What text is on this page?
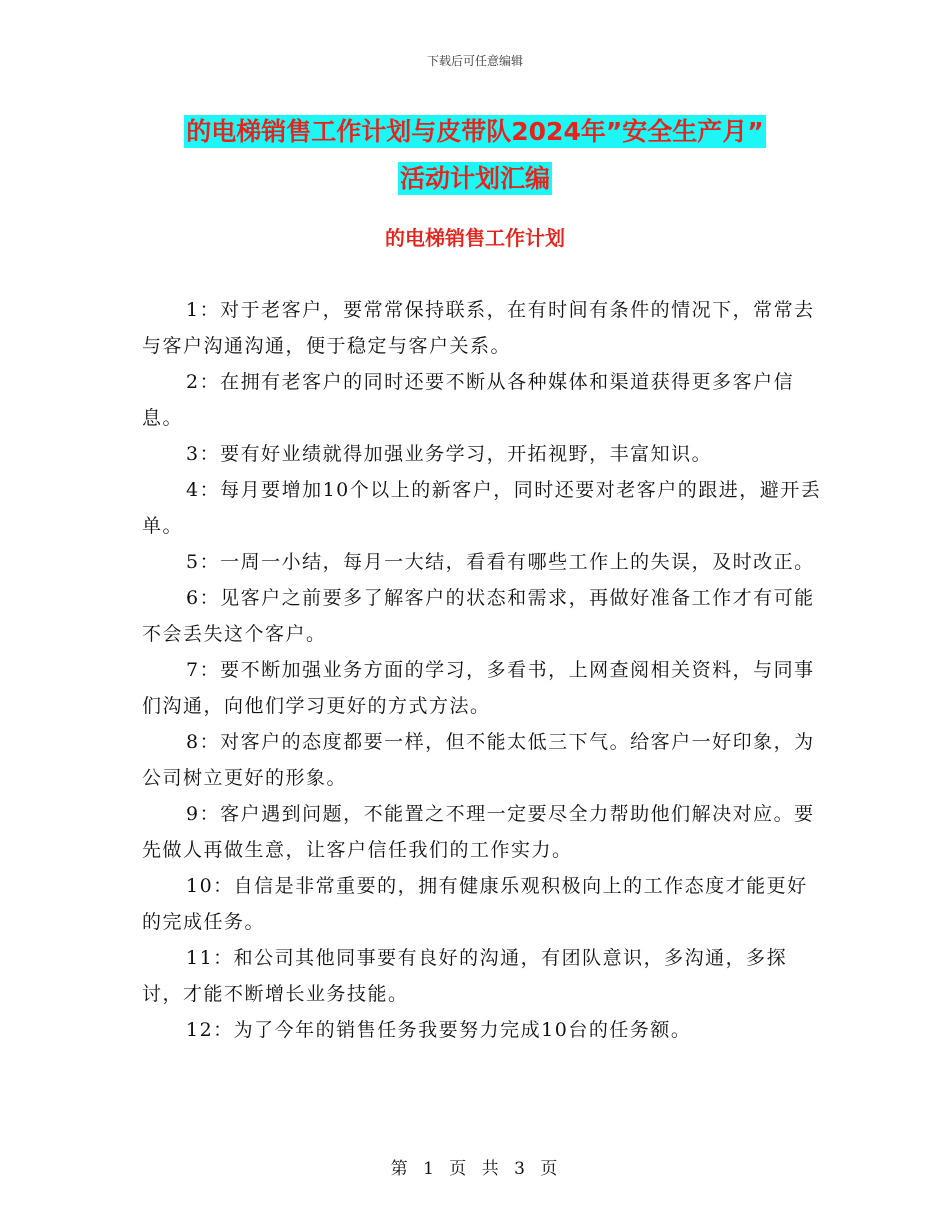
下载后可任意编辑
的电梯销售工作计划与皮带队2024年”安全生产月”
活动计划汇编
的电梯销售工作计划

1：对于老客户，要常常保持联系，在有时间有条件的情况下，常常去与客户沟通沟通，便于稳定与客户关系。

2：在拥有老客户的同时还要不断从各种媒体和渠道获得更多客户信息。

3：要有好业绩就得加强业务学习，开拓视野，丰富知识。

4：每月要增加10个以上的新客户，同时还要对老客户的跟进，避开丢单。

5：一周一小结，每月一大结，看看有哪些工作上的失误，及时改正。

6：见客户之前要多了解客户的状态和需求，再做好准备工作才有可能不会丢失这个客户。

7：要不断加强业务方面的学习，多看书，上网查阅相关资料，与同事们沟通，向他们学习更好的方式方法。

8：对客户的态度都要一样，但不能太低三下气。给客户一好印象，为公司树立更好的形象。

9：客户遇到问题，不能置之不理一定要尽全力帮助他们解决对应。要先做人再做生意，让客户信任我们的工作实力。

10：自信是非常重要的，拥有健康乐观积极向上的工作态度才能更好的完成任务。

11：和公司其他同事要有良好的沟通，有团队意识，多沟通，多探讨，才能不断增长业务技能。

12：为了今年的销售任务我要努力完成10台的任务额。

第 1 页 共 3 页
